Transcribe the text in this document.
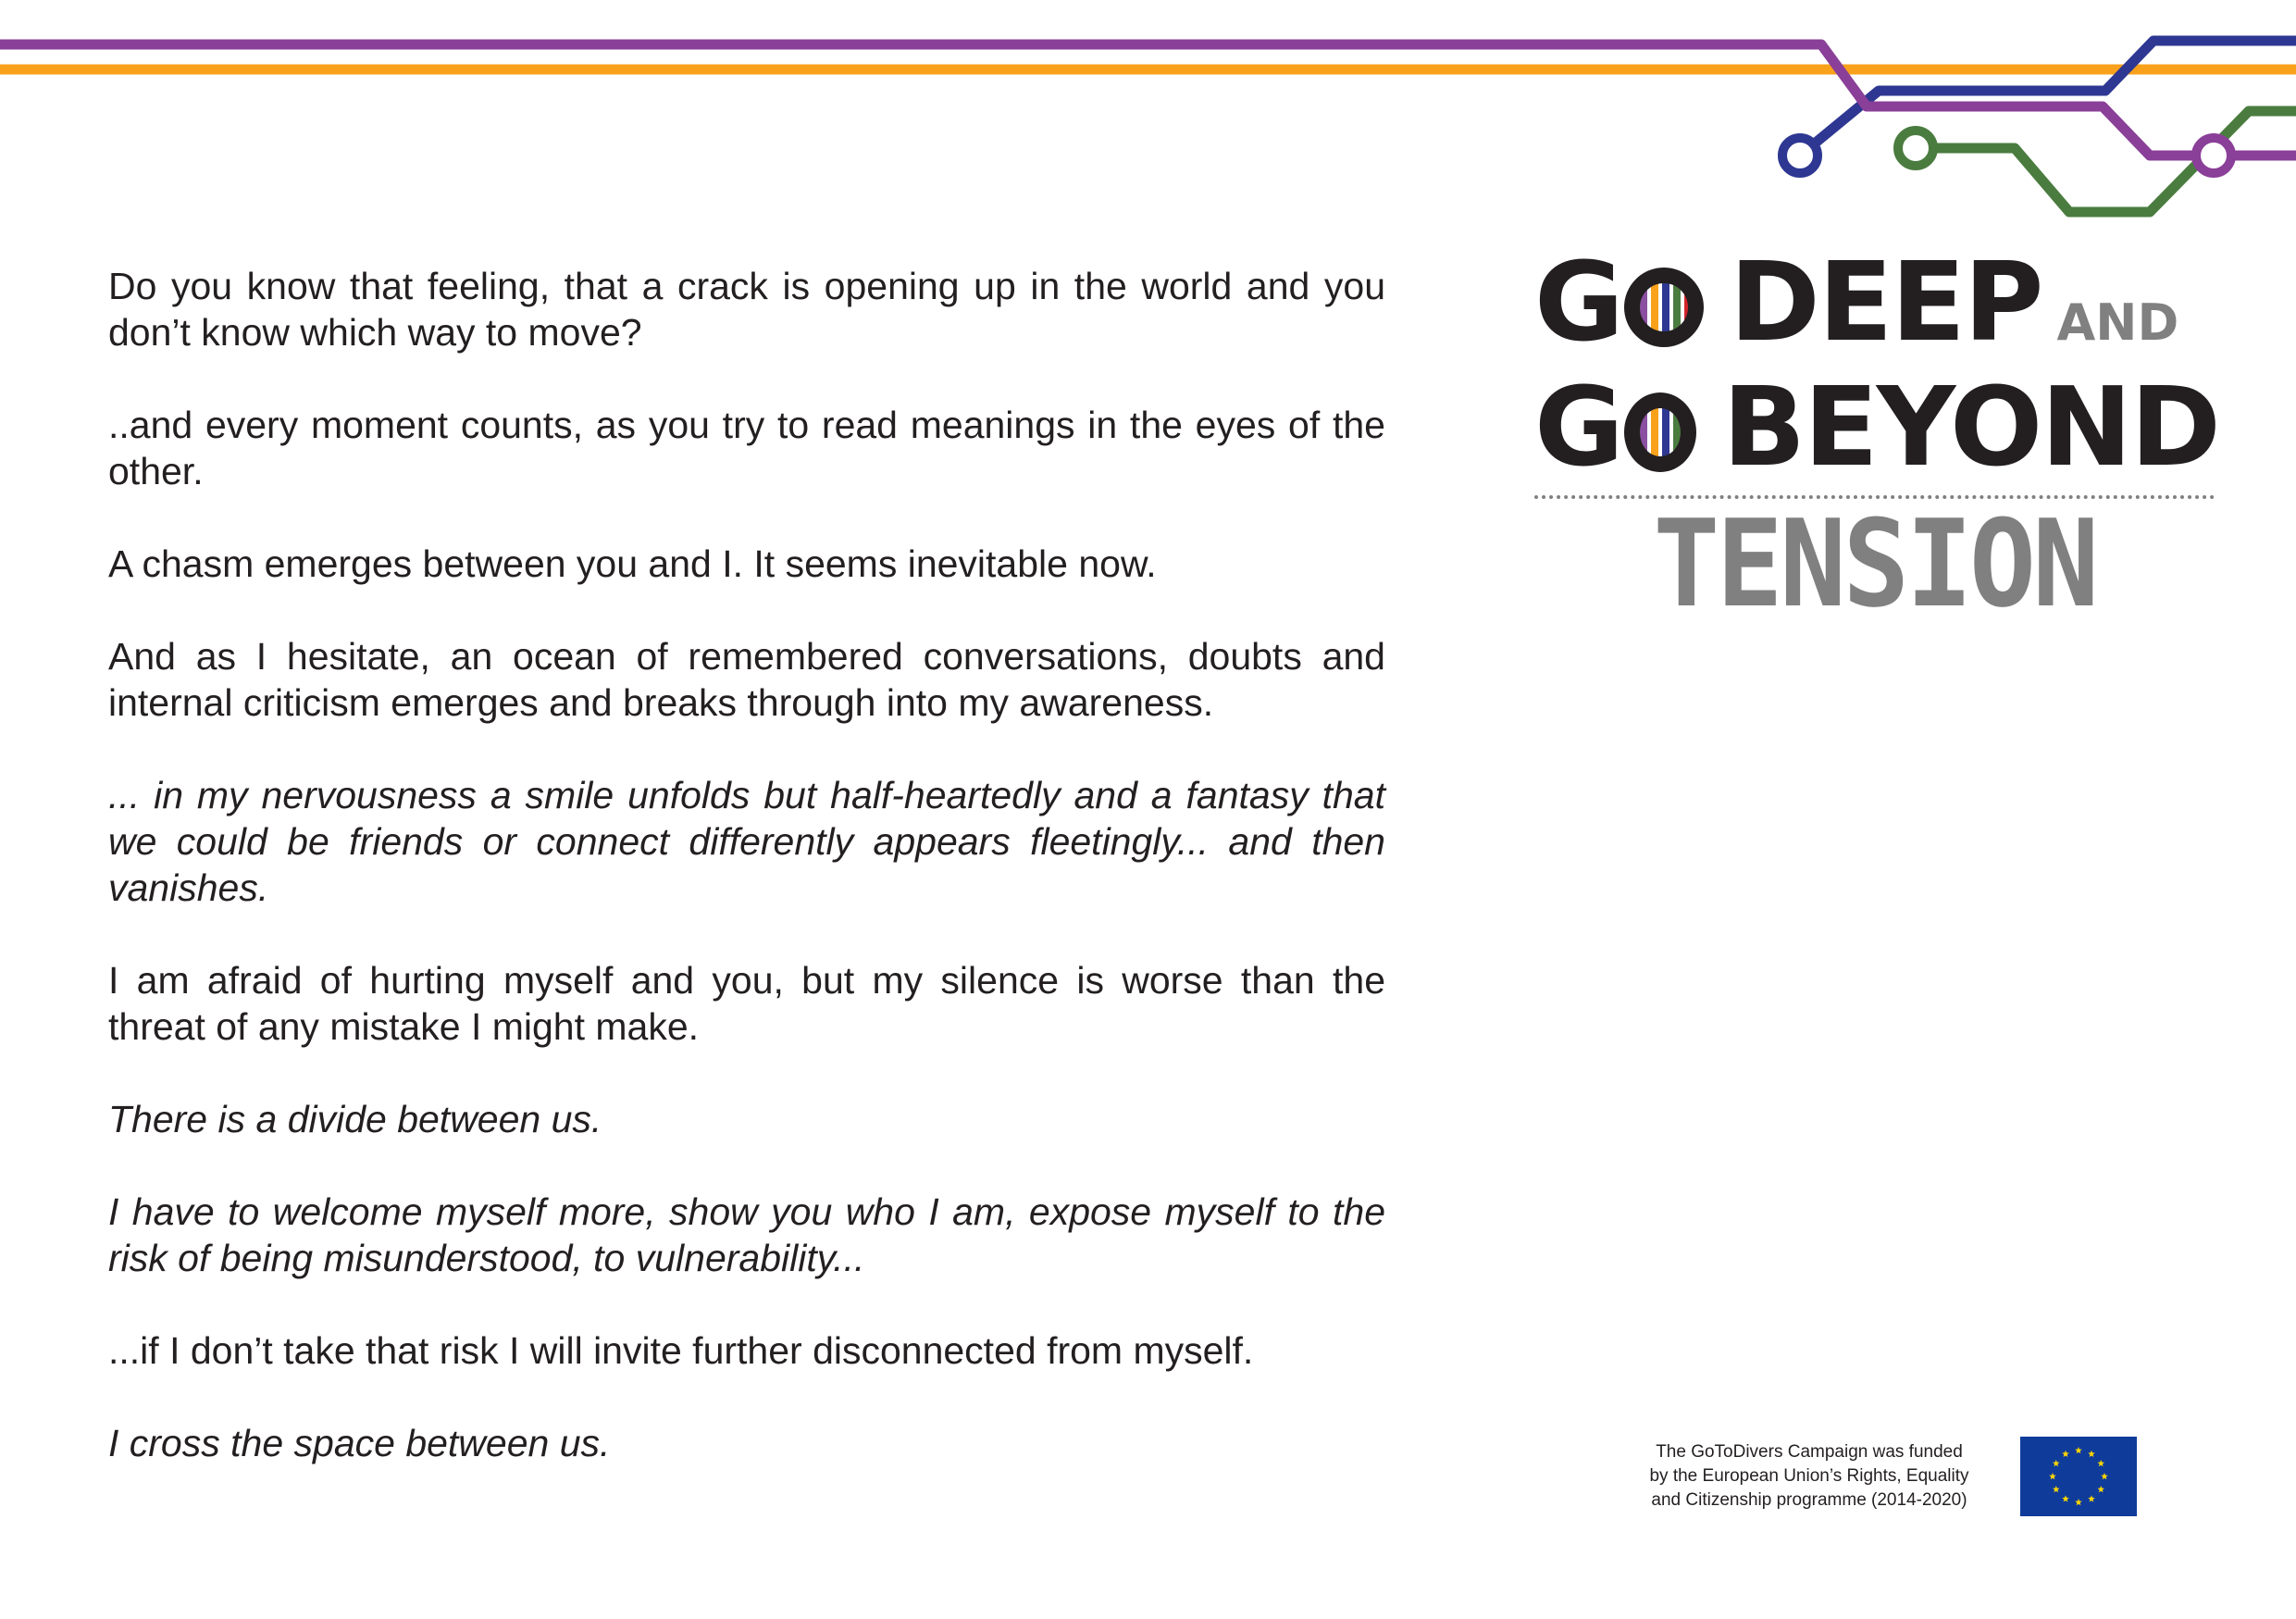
Do you know that feeling, that a crack is opening up in the world and you don’t know which way to move?

..and every moment counts, as you try to read meanings in the eyes of the other.

A chasm emerges between you and I. It seems inevitable now.

And as I hesitate, an ocean of remembered conversations, doubts and internal criticism emerges and breaks through into my awareness.

... in my nervousness a smile unfolds but half-heartedly and a fantasy that we could be friends or connect differently appears fleetingly... and then vanishes.

I am afraid of hurting myself and you, but my silence is worse than the threat of any mistake I might make.

There is a divide between us.

I have to welcome myself more, show you who I am, expose myself to the risk of being misunderstood, to vulnerability...

...if I don’t take that risk I will invite further disconnected from myself.

I cross the space between us.

G DEEP AND
G BEYOND
TENSION
The GoToDivers Campaign was funded
by the European Union’s Rights, Equality
and Citizenship programme (2014-2020)
